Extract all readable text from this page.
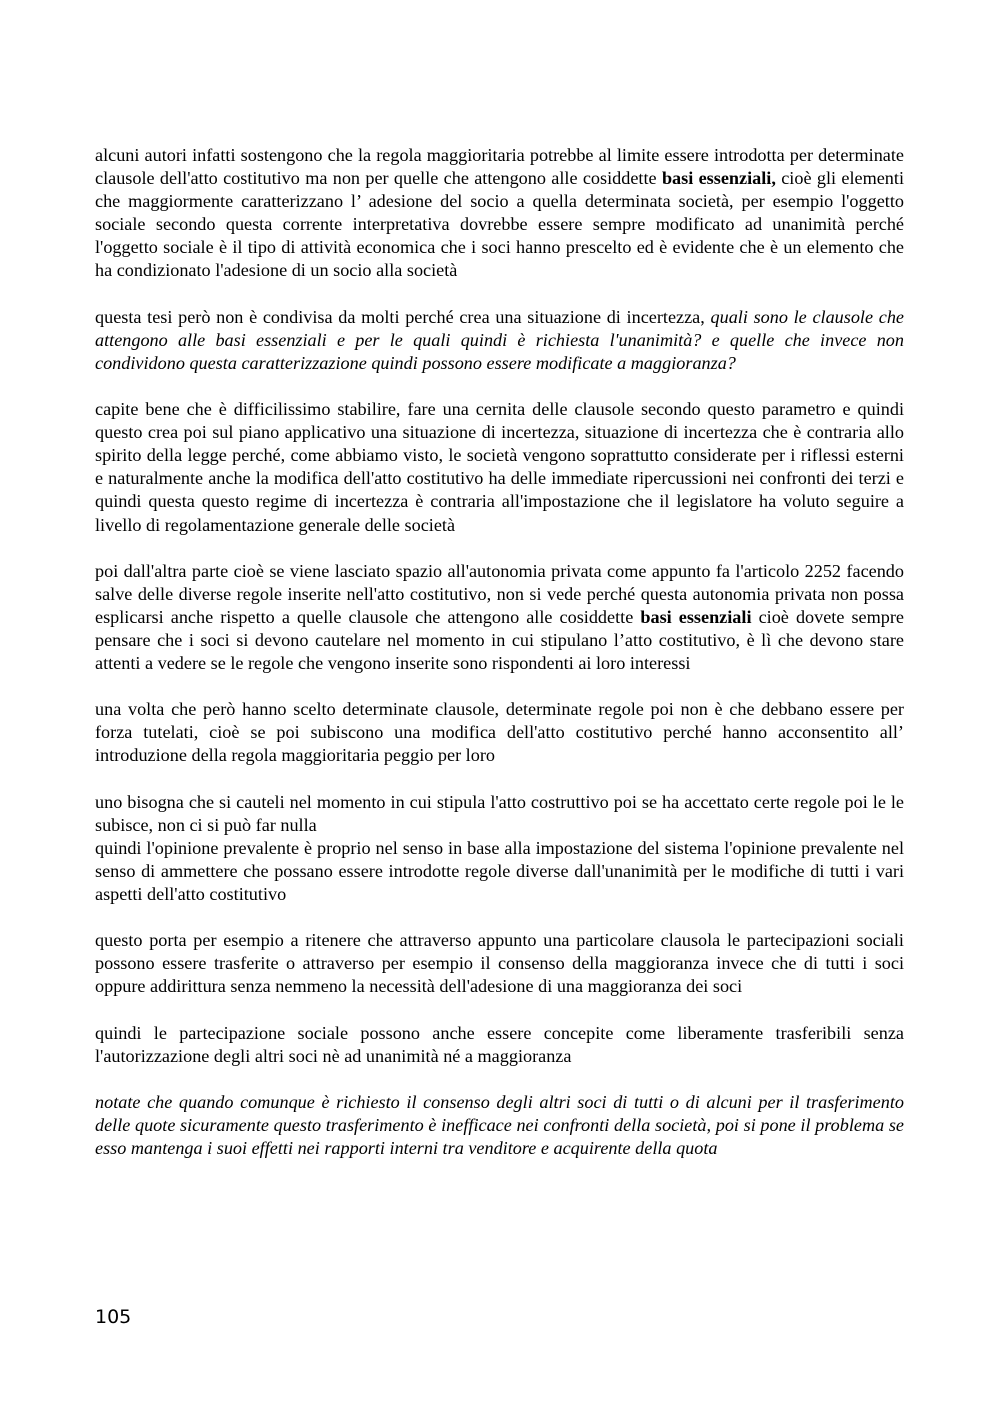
alcuni autori infatti sostengono che la regola maggioritaria potrebbe al limite essere introdotta per determinate clausole dell'atto costitutivo ma non per quelle che attengono alle cosiddette basi essenziali, cioè gli elementi che maggiormente caratterizzano l’ adesione del socio a quella determinata società, per esempio l'oggetto sociale secondo questa corrente interpretativa dovrebbe essere sempre modificato ad unanimità perché l'oggetto sociale è il tipo di attività economica che i soci hanno prescelto ed è evidente che è un elemento che ha condizionato l'adesione di un socio alla società

questa tesi però non è condivisa da molti perché crea una situazione di incertezza, quali sono le clausole che attengono alle basi essenziali e per le quali quindi è richiesta l'unanimità? e quelle che invece non condividono questa caratterizzazione quindi possono essere modificate a maggioranza?

capite bene che è difficilissimo stabilire, fare una cernita delle clausole secondo questo parametro e quindi questo crea poi sul piano applicativo una situazione di incertezza, situazione di incertezza che è contraria allo spirito della legge perché, come abbiamo visto, le società vengono soprattutto considerate per i riflessi esterni e naturalmente anche la modifica dell'atto costitutivo ha delle immediate ripercussioni nei confronti dei terzi e quindi questa questo regime di incertezza è contraria all'impostazione che il legislatore ha voluto seguire a livello di regolamentazione generale delle società

poi dall'altra parte cioè se viene lasciato spazio all'autonomia privata come appunto fa l'articolo 2252 facendo salve delle diverse regole inserite nell'atto costitutivo, non si vede perché questa autonomia privata non possa esplicarsi anche rispetto a quelle clausole che attengono alle cosiddette basi essenziali cioè dovete sempre pensare che i soci si devono cautelare nel momento in cui stipulano l’atto costitutivo, è lì che devono stare attenti a vedere se le regole che vengono inserite sono rispondenti ai loro interessi

una volta che però hanno scelto determinate clausole, determinate regole poi non è che debbano essere per forza tutelati, cioè se poi subiscono una modifica dell'atto costitutivo perché hanno acconsentito all’ introduzione della regola maggioritaria peggio per loro

uno bisogna che si cauteli nel momento in cui stipula l'atto costruttivo poi se ha accettato certe regole poi le le subisce, non ci si può far nulla

quindi l'opinione prevalente è proprio nel senso in base alla impostazione del sistema l'opinione prevalente nel senso di ammettere che possano essere introdotte regole diverse dall'unanimità per le modifiche di tutti i vari aspetti dell'atto costitutivo

questo porta per esempio a ritenere che attraverso appunto una particolare clausola le partecipazioni sociali possono essere trasferite o attraverso per esempio il consenso della maggioranza invece che di tutti i soci oppure addirittura senza nemmeno la necessità dell'adesione di una maggioranza dei soci

quindi le partecipazione sociale possono anche essere concepite come liberamente trasferibili senza l'autorizzazione degli altri soci nè ad unanimità né a maggioranza

notate che quando comunque è richiesto il consenso degli altri soci di tutti o di alcuni per il trasferimento delle quote sicuramente questo trasferimento è inefficace nei confronti della società, poi si pone il problema se esso mantenga i suoi effetti nei rapporti interni tra venditore e acquirente della quota

105
